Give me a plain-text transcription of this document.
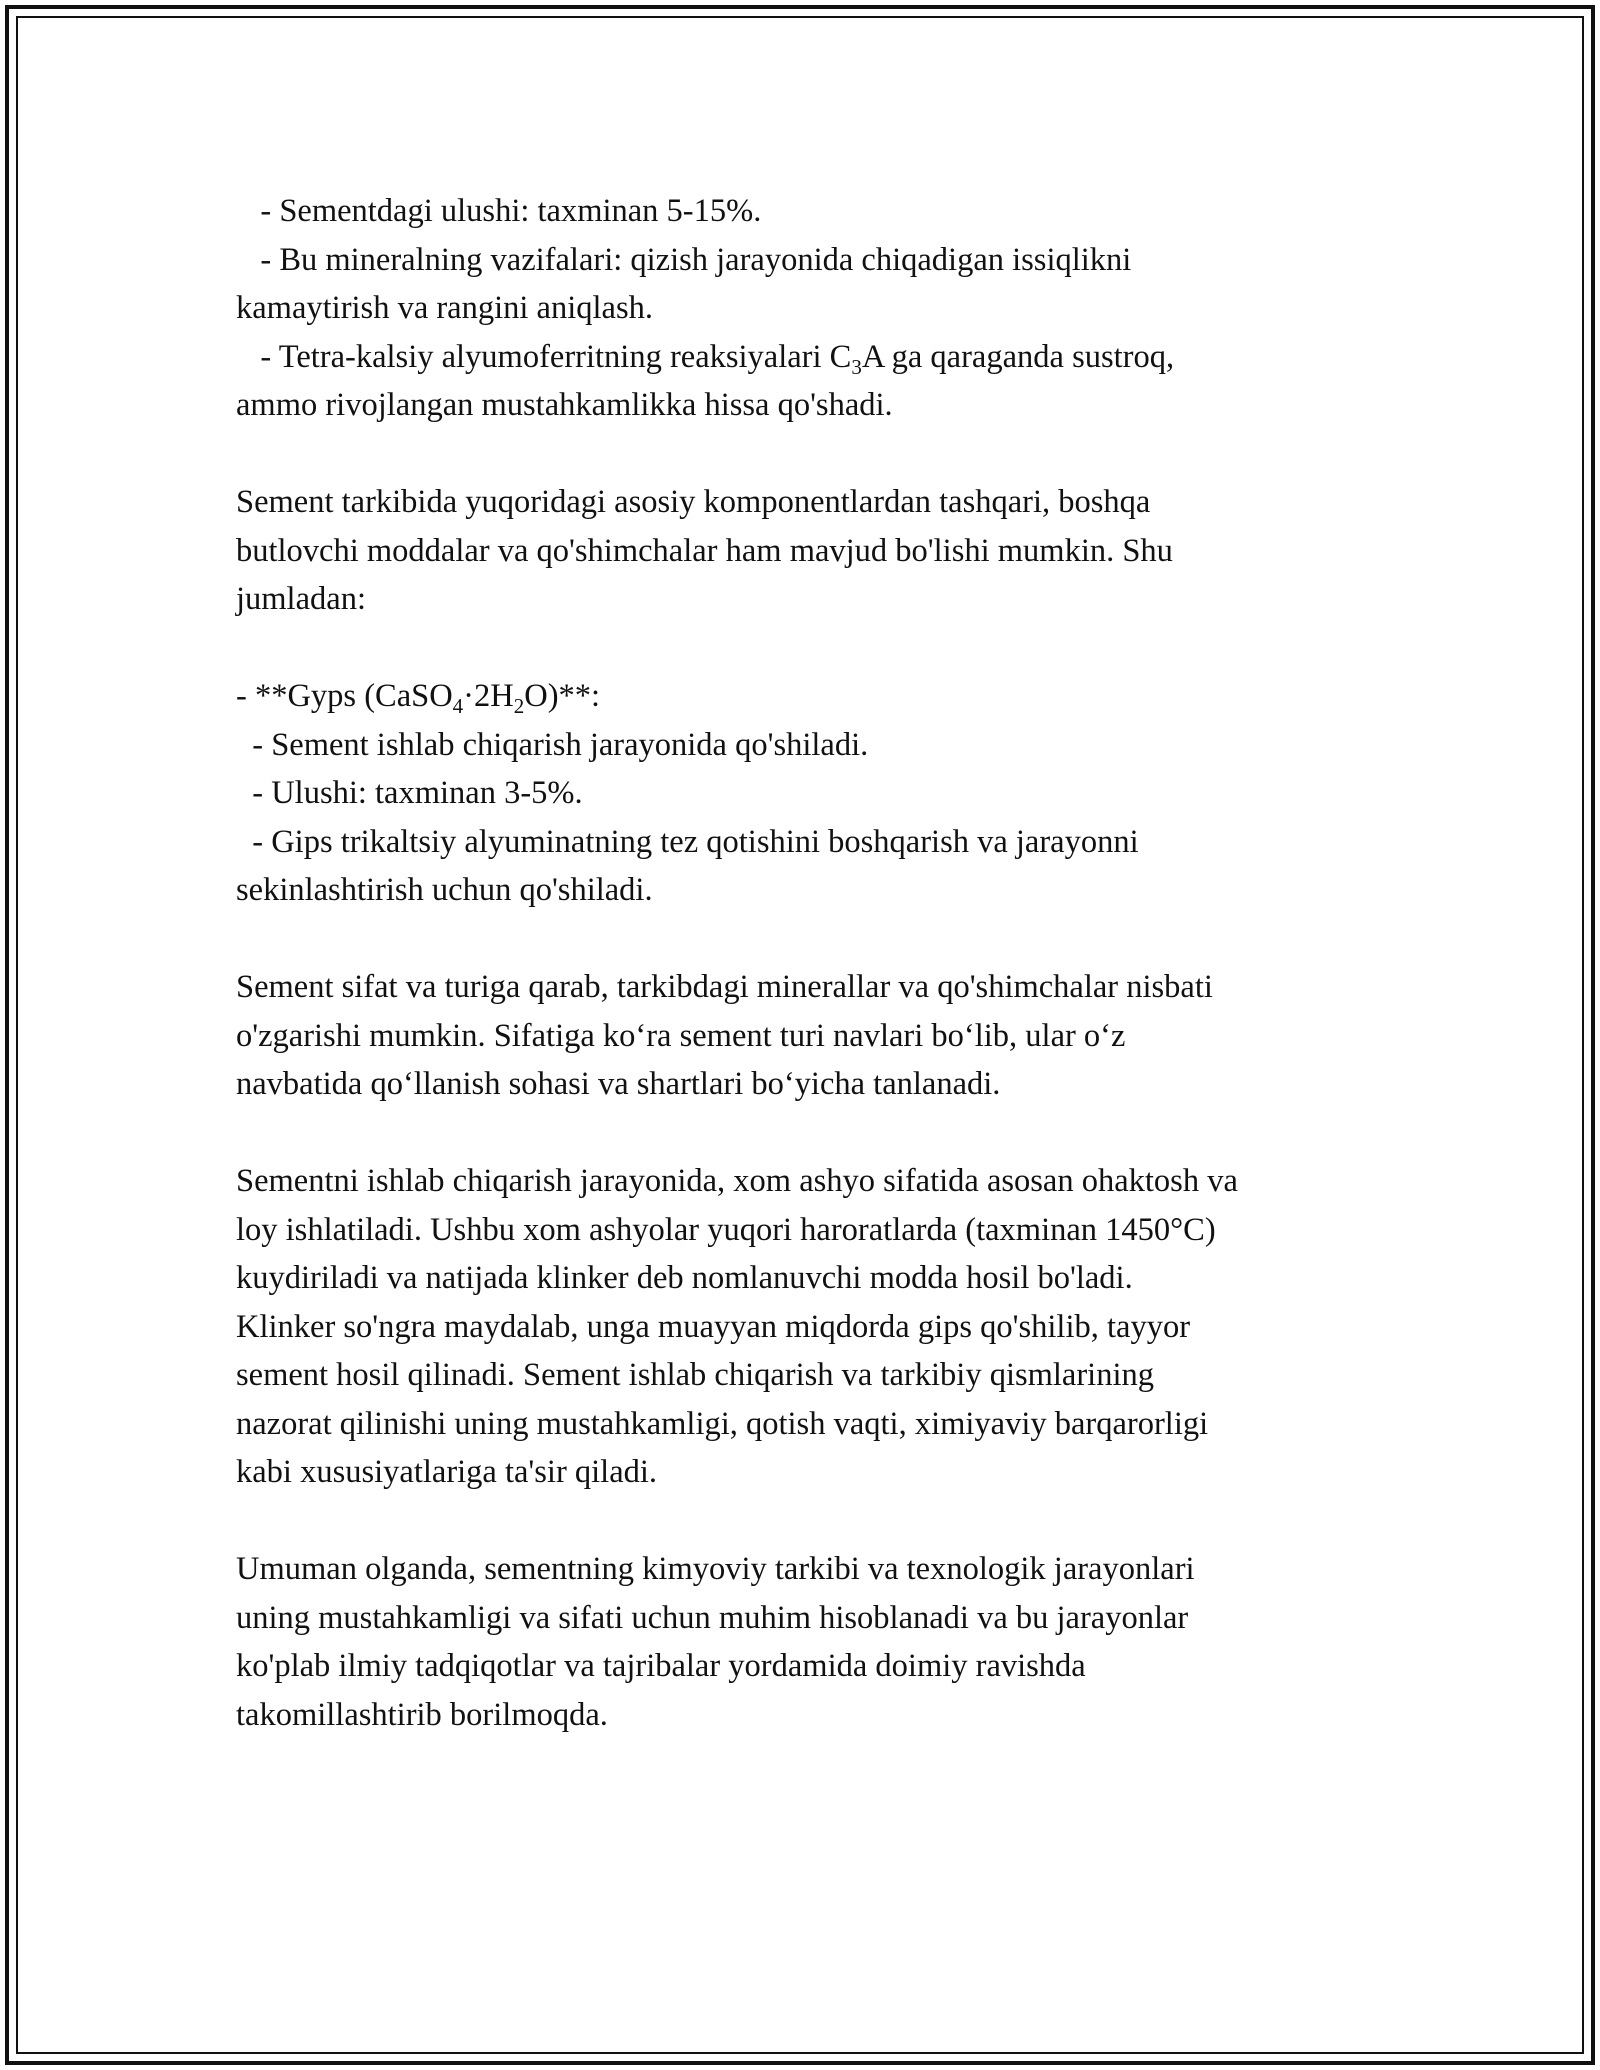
- Sementdagi ulushi: taxminan 5-15%.
- Bu mineralning vazifalari: qizish jarayonida chiqadigan issiqlikni
kamaytirish va rangini aniqlash.
- Tetra-kalsiy alyumoferritning reaksiyalari $C_3A$ ga qaraganda sustroq,
ammo rivojlangan mustahkamlikka hissa qo'shadi.
Sement tarkibida yuqoridagi asosiy komponentlardan tashqari, boshqa
butlovchi moddalar va qo'shimchalar ham mavjud bo'lishi mumkin. Shu
jumladan:
- **Gyps $(CaSO_4\cdot 2H_2O)**$:
- Sement ishlab chiqarish jarayonida qo'shiladi.
- Ulushi: taxminan 3-5%.
- Gips trikaltsiy alyuminatning tez qotishini boshqarish va jarayonni
sekinlashtirish uchun qo'shiladi.
Sement sifat va turiga qarab, tarkibdagi minerallar va qo'shimchalar nisbati
o'zgarishi mumkin. Sifatiga ko‘ra sement turi navlari bo‘lib, ular o‘z
navbatida qo‘llanish sohasi va shartlari bo‘yicha tanlanadi.
Sementni ishlab chiqarish jarayonida, xom ashyo sifatida asosan ohaktosh va
loy ishlatiladi. Ushbu xom ashyolar yuqori haroratlarda (taxminan 1450°C)
kuydiriladi va natijada klinker deb nomlanuvchi modda hosil bo'ladi.
Klinker so'ngra maydalab, unga muayyan miqdorda gips qo'shilib, tayyor
sement hosil qilinadi. Sement ishlab chiqarish va tarkibiy qismlarining
nazorat qilinishi uning mustahkamligi, qotish vaqti, ximiyaviy barqarorligi
kabi xususiyatlariga ta'sir qiladi.
Umuman olganda, sementning kimyoviy tarkibi va texnologik jarayonlari
uning mustahkamligi va sifati uchun muhim hisoblanadi va bu jarayonlar
ko'plab ilmiy tadqiqotlar va tajribalar yordamida doimiy ravishda
takomillashtirib borilmoqda.
